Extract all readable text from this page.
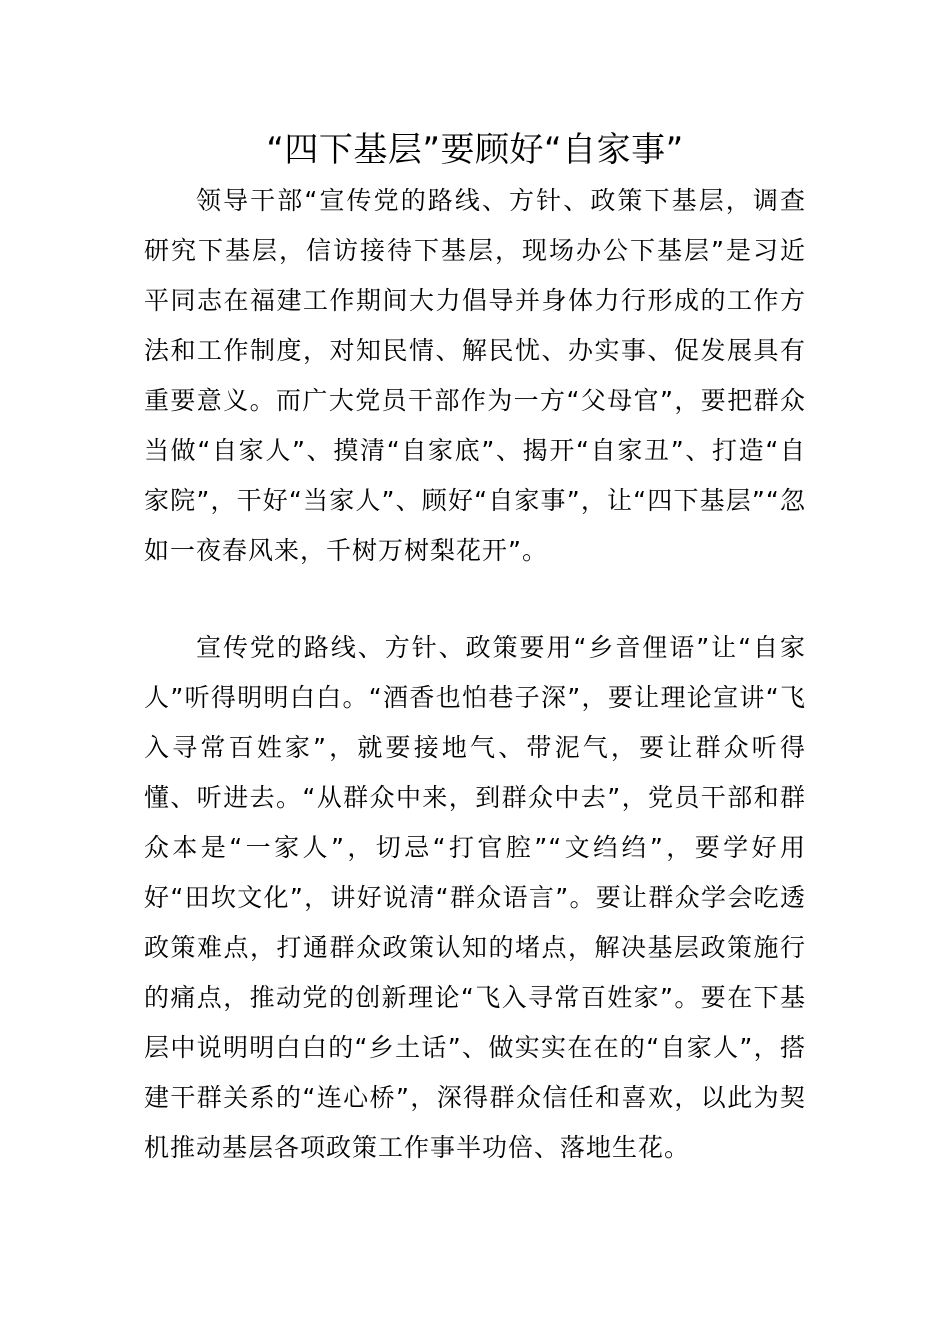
“四下基层”要顾好“自家事”

领导干部“宣传党的路线、方针、政策下基层，调查研究下基层，信访接待下基层，现场办公下基层”是习近平同志在福建工作期间大力倡导并身体力行形成的工作方法和工作制度，对知民情、解民忧、办实事、促发展具有重要意义。而广大党员干部作为一方“父母官”，要把群众当做“自家人”、摸清“自家底”、揭开“自家丑”、打造“自家院”，干好“当家人”、顾好“自家事”，让“四下基层”“忽如一夜春风来，千树万树梨花开”。

宣传党的路线、方针、政策要用“乡音俚语”让“自家人”听得明明白白。“酒香也怕巷子深”，要让理论宣讲“飞入寻常百姓家”，就要接地气、带泥气，要让群众听得懂、听进去。“从群众中来，到群众中去”，党员干部和群众本是“一家人”，切忌“打官腔”“文绉绉”，要学好用好“田坎文化”，讲好说清“群众语言”。要让群众学会吃透政策难点，打通群众政策认知的堵点，解决基层政策施行的痛点，推动党的创新理论“飞入寻常百姓家”。要在下基层中说明明白白的“乡土话”、做实实在在的“自家人”，搭建干群关系的“连心桥”，深得群众信任和喜欢，以此为契机推动基层各项政策工作事半功倍、落地生花。
